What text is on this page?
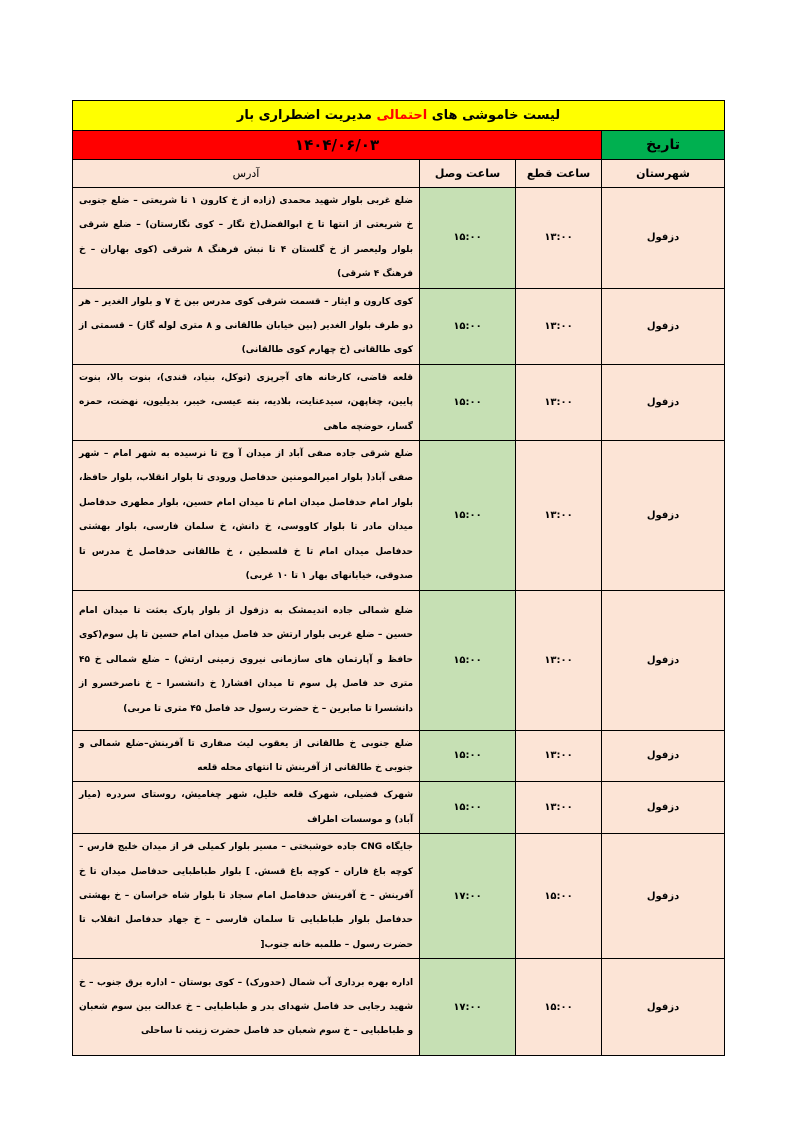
لیست خاموشی های احتمالی مدیریت اضطراری بار			
تاریخ	۱۴۰۴/۰۶/۰۳		
شهرستان	ساعت قطع	ساعت وصل	آدرس
دزفول	۱۳:۰۰	۱۵:۰۰	ضلع غربی بلوار شهید محمدی (زاده از خ کارون ۱ تا شریعتی – ضلع جنوبی خ شریعتی از انتها تا خ ابوالفضل(خ نگار – کوی نگارستان) – ضلع شرقی بلوار ولیعصر از خ گلستان ۴ تا نبش فرهنگ ۸ شرقی (کوی بهاران – خ فرهنگ ۴ شرقی)
دزفول	۱۳:۰۰	۱۵:۰۰	کوی کارون و ایثار – قسمت شرقی کوی مدرس بین خ ۷ و بلوار الغدیر – هر دو طرف بلوار الغدیر (بین خیابان طالقانی و ۸ متری لوله گاز) – قسمتی از کوی طالقانی (خ چهارم کوی طالقانی)
دزفول	۱۳:۰۰	۱۵:۰۰	قلعه قاضی، کارخانه های آجرپزی (توکل، بنیاد، قندی)، بنوت بالا، بنوت پایین، چغاپهن، سیدعنایت، بلادیه، بنه عیسی، خیبر، بدیلیون، نهضت، حمزه گسار، حوضچه ماهی
دزفول	۱۳:۰۰	۱۵:۰۰	ضلع شرقی جاده صفی آباد از میدان آ وج تا نرسیده به شهر امام – شهر صفی آباد( بلوار امیرالمومنین حدفاصل ورودی تا بلوار انقلاب، بلوار حافظ، بلوار امام حدفاصل میدان امام تا میدان امام حسین، بلوار مطهری حدفاصل میدان مادر تا بلوار کاووسی، خ دانش، خ سلمان فارسی، بلوار بهشتی حدفاصل میدان امام تا خ فلسطین ، خ طالقانی حدفاصل خ مدرس تا صدوقی، خیابانهای بهار ۱ تا ۱۰ غربی)
دزفول	۱۳:۰۰	۱۵:۰۰	ضلع شمالی جاده اندیمشک به دزفول از بلوار پارک بعثت تا میدان امام حسین – ضلع غربی بلوار ارتش حد فاصل میدان امام حسین تا پل سوم(کوی حافظ و آپارتمان های سازمانی نیروی زمینی ارتش) – ضلع شمالی خ ۴۵ متری حد فاصل پل سوم تا میدان افشار( خ دانشسرا – خ ناصرخسرو از دانشسرا تا صابرین – خ حضرت رسول حد فاصل ۴۵ متری تا مربی)
دزفول	۱۳:۰۰	۱۵:۰۰	ضلع جنوبی خ طالقانی از یعقوب لیث صفاری تا آفرینش–ضلع شمالی و جنوبی خ طالقانی از آفرینش تا انتهای محله قلعه
دزفول	۱۳:۰۰	۱۵:۰۰	شهرک فضیلی، شهرک قلعه خلیل، شهر چغامیش، روستای سردره (میار آباد) و موسسات اطراف
دزفول	۱۵:۰۰	۱۷:۰۰	جایگاه CNG جاده خوشبختی – مسیر بلوار کمیلی فر از میدان خلیج فارس – کوچه باغ فاران – کوچه باغ قسش. ] بلوار طباطبایی حدفاصل میدان تا خ آفرینش – خ آفرینش حدفاصل امام سجاد تا بلوار شاه خراسان – خ بهشتی حدفاصل بلوار طباطبایی تا سلمان فارسی – خ جهاد حدفاصل انقلاب تا حضرت رسول – طلمبه خانه جنوب[
دزفول	۱۵:۰۰	۱۷:۰۰	اداره بهره برداری آب شمال (حدورک) – کوی بوستان – اداره برق جنوب – خ شهید رجایی حد فاصل شهدای بدر و طباطبایی – خ عدالت بین سوم شعبان و طباطبایی – خ سوم شعبان حد فاصل حضرت زینب تا ساحلی
